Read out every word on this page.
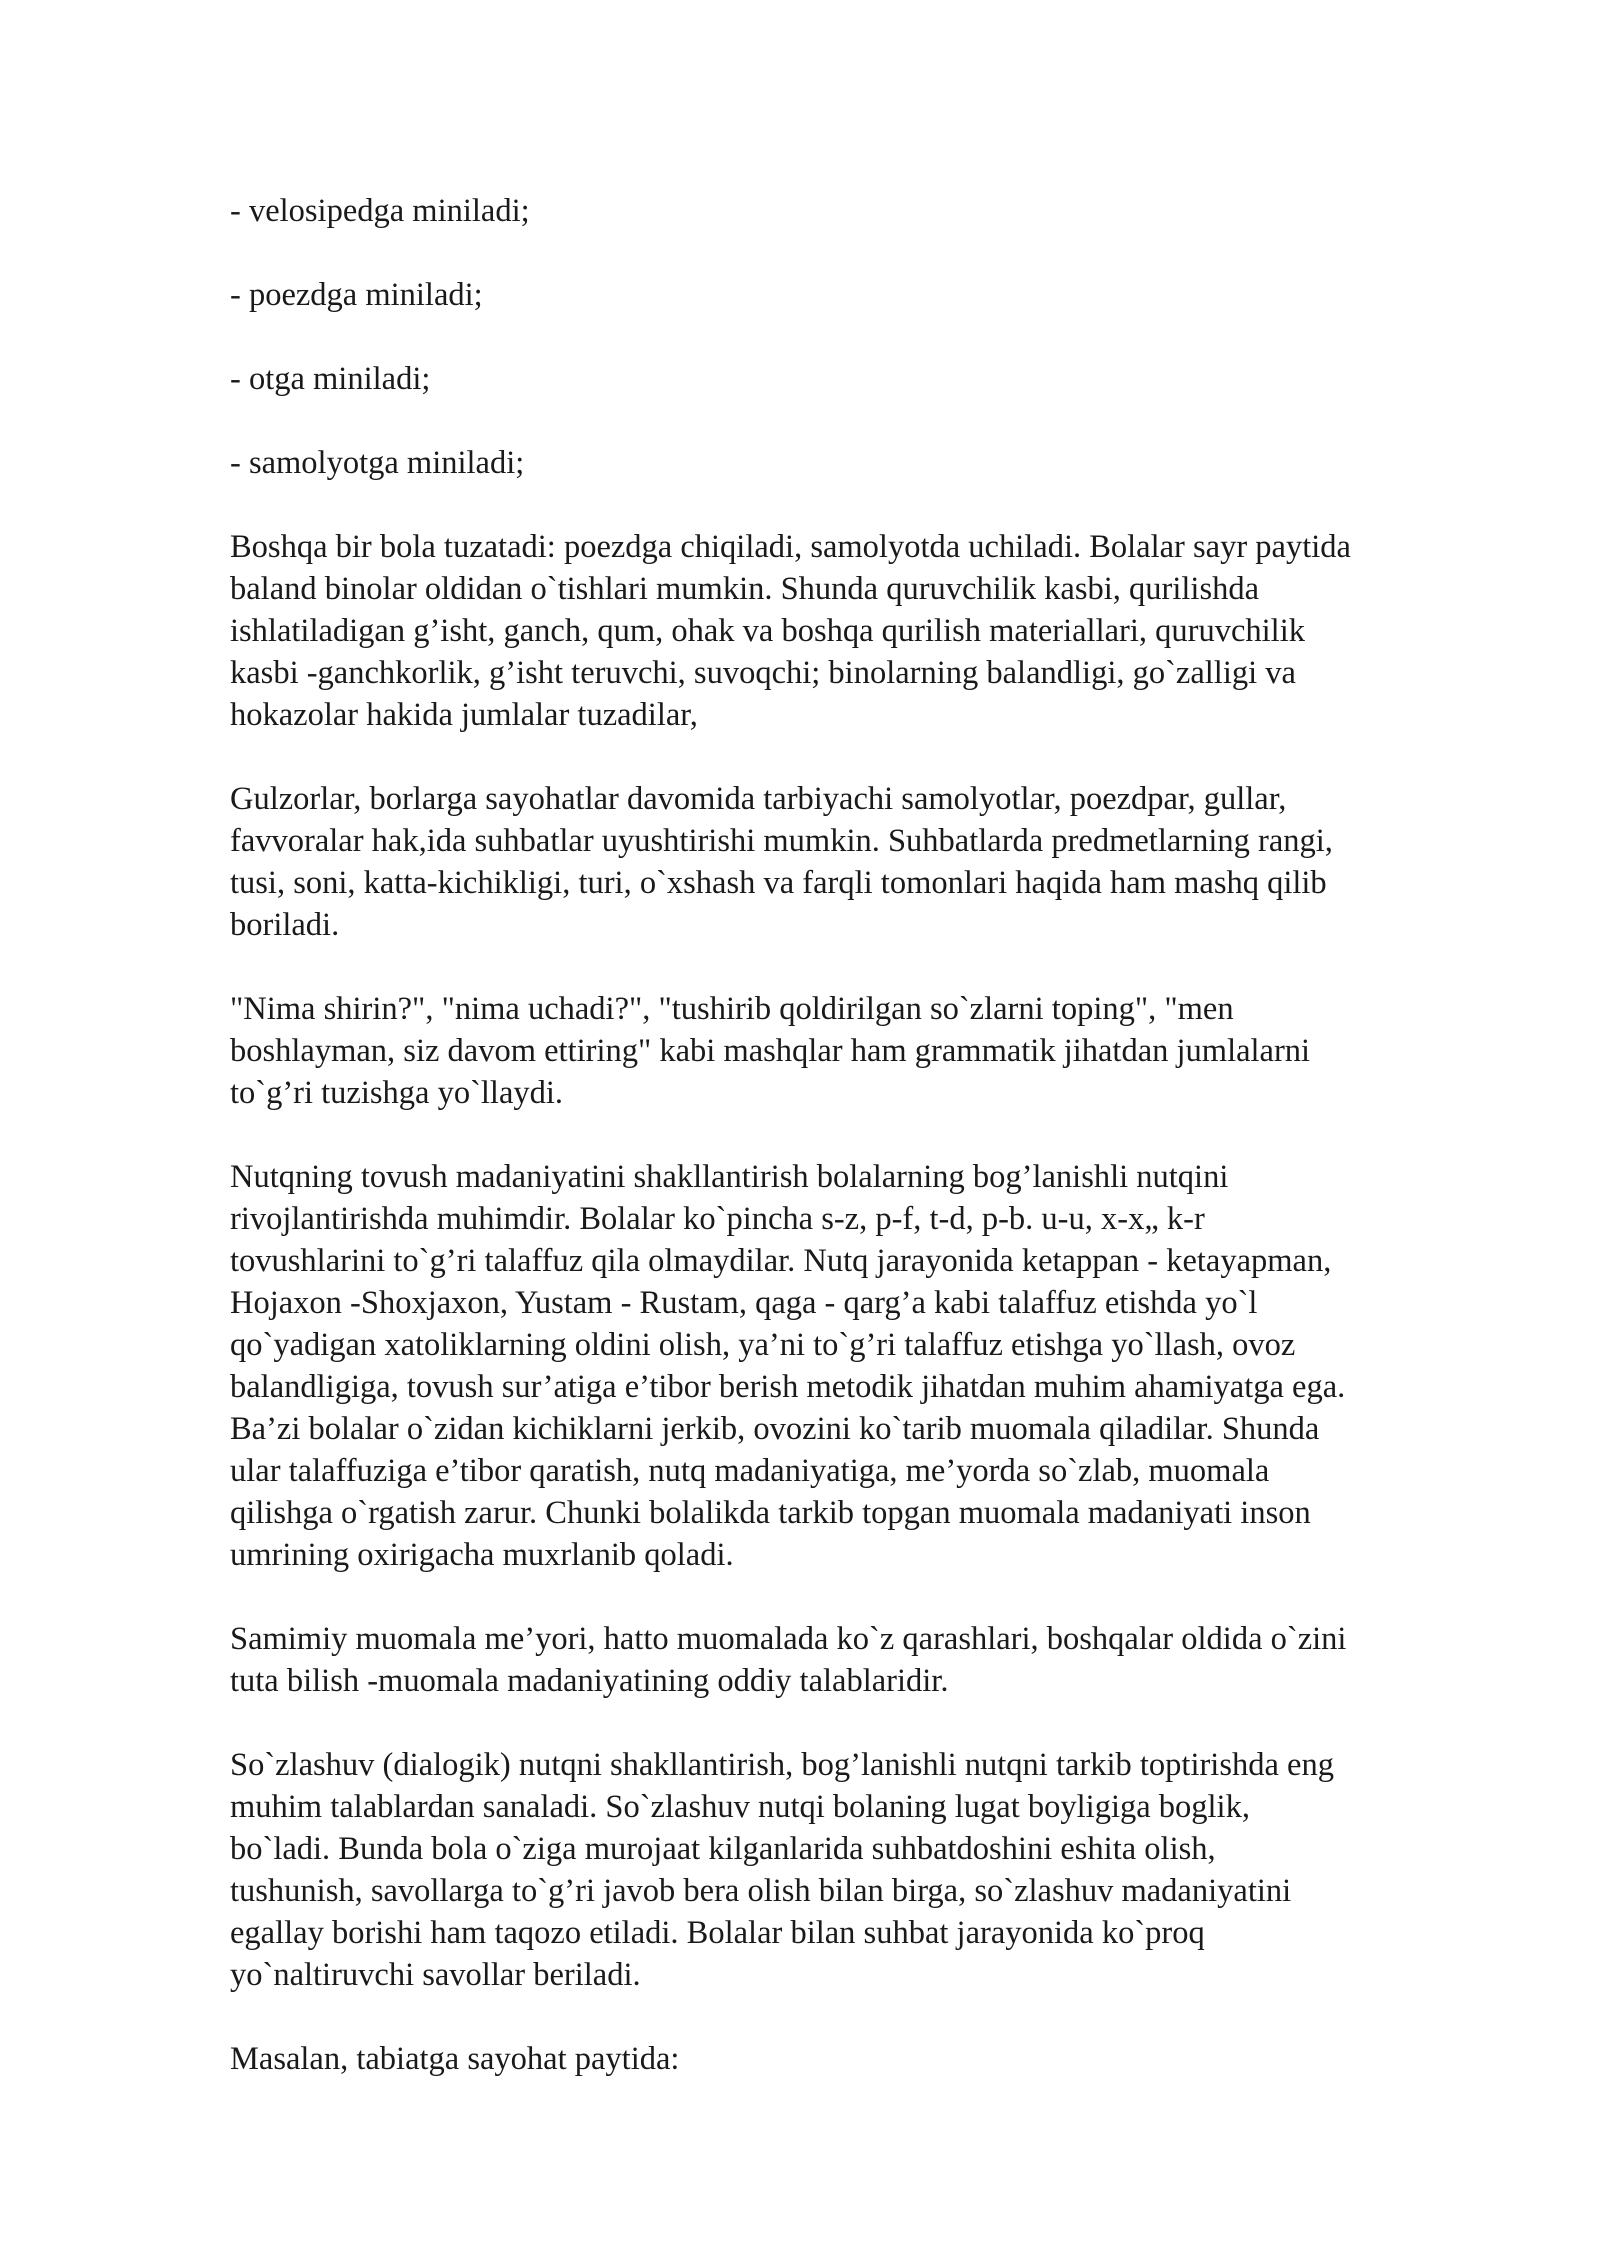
- velosipedga miniladi;
- poezdga miniladi;
- otga miniladi;
- samolyotga miniladi;

Boshqa bir bola tuzatadi: poezdga chiqiladi, samolyotda uchiladi. Bolalar sayr paytida
baland binolar oldidan o`tishlari mumkin. Shunda quruvchilik kasbi, qurilishda
ishlatiladigan g’isht, ganch, qum, ohak va boshqa qurilish materiallari, quruvchilik
kasbi -ganchkorlik, g’isht teruvchi, suvoqchi; binolarning balandligi, go`zalligi va
hokazolar hakida jumlalar tuzadilar,

Gulzorlar, borlarga sayohatlar davomida tarbiyachi samolyotlar, poezdpar, gullar,
favvoralar hak,ida suhbatlar uyushtirishi mumkin. Suhbatlarda predmetlarning rangi,
tusi, soni, katta-kichikligi, turi, o`xshash va farqli tomonlari haqida ham mashq qilib
boriladi.

"Nima shirin?", "nima uchadi?", "tushirib qoldirilgan so`zlarni toping", "men
boshlayman, siz davom ettiring" kabi mashqlar ham grammatik jihatdan jumlalarni
to`g’ri tuzishga yo`llaydi.

Nutqning tovush madaniyatini shakllantirish bolalarning bog’lanishli nutqini
rivojlantirishda muhimdir. Bolalar ko`pincha s-z, p-f, t-d, p-b. u-u, x-x„ k-r
tovushlarini to`g’ri talaffuz qila olmaydilar. Nutq jarayonida ketappan - ketayapman,
Hojaxon -Shoxjaxon, Yustam - Rustam, qaga - qarg’a kabi talaffuz etishda yo`l
qo`yadigan xatoliklarning oldini olish, ya’ni to`g’ri talaffuz etishga yo`llash, ovoz
balandligiga, tovush sur’atiga e’tibor berish metodik jihatdan muhim ahamiyatga ega.
Ba’zi bolalar o`zidan kichiklarni jerkib, ovozini ko`tarib muomala qiladilar. Shunda
ular talaffuziga e’tibor qaratish, nutq madaniyatiga, me’yorda so`zlab, muomala
qilishga o`rgatish zarur. Chunki bolalikda tarkib topgan muomala madaniyati inson
umrining oxirigacha muxrlanib qoladi.

Samimiy muomala me’yori, hatto muomalada ko`z qarashlari, boshqalar oldida o`zini
tuta bilish -muomala madaniyatining oddiy talablaridir.

So`zlashuv (dialogik) nutqni shakllantirish, bog’lanishli nutqni tarkib toptirishda eng
muhim talablardan sanaladi. So`zlashuv nutqi bolaning lugat boyligiga boglik,
bo`ladi. Bunda bola o`ziga murojaat kilganlarida suhbatdoshini eshita olish,
tushunish, savollarga to`g’ri javob bera olish bilan birga, so`zlashuv madaniyatini
egallay borishi ham taqozo etiladi. Bolalar bilan suhbat jarayonida ko`proq
yo`naltiruvchi savollar beriladi.

Masalan, tabiatga sayohat paytida:
